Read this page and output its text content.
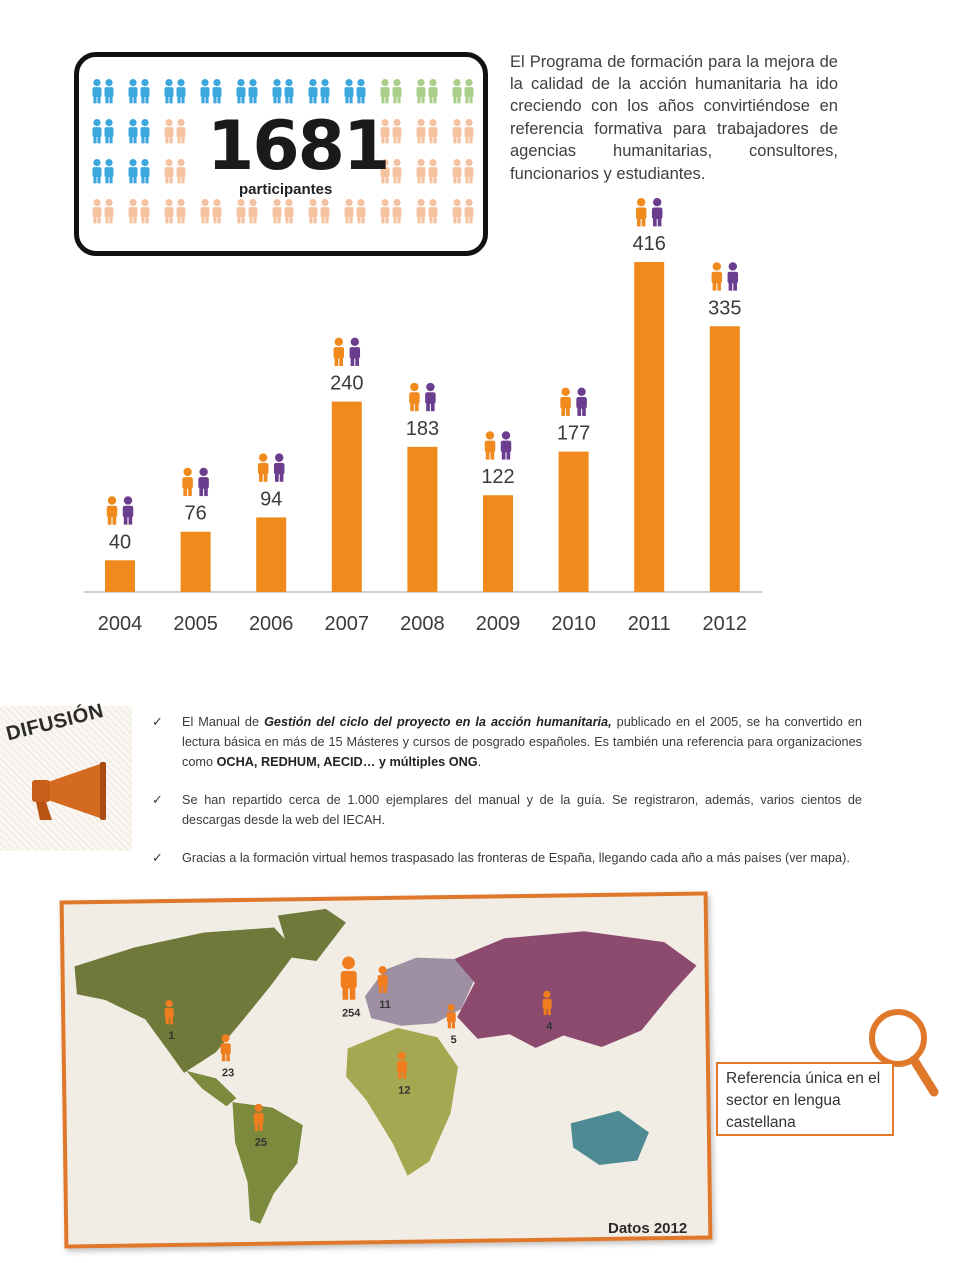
1681
participantes

El Programa de formación para la mejora de la calidad de la acción humanitaria ha ido creciendo con los años convirtiéndose en referencia formativa para trabajadores de agencias humanitarias, consultores, funcionarios y estudiantes.

40
2004
76
2005
94
2006
240
2007
183
2008
122
2009
177
2010
416
2011
335
2012
DIFUSIÓN	✓ El Manual de Gestión del ciclo del proyecto en la acción humanitaria, publicado en el 2005, se ha convertido en lectura básica en más de 15 Másteres y cursos de posgrado españoles. Es también una referencia para organizaciones como OCHA, REDHUM, AECID… y múltiples ONG.
✓ Se han repartido cerca de 1.000 ejemplares del manual y de la guía. Se registraron, además, varios cientos de descargas desde la web del IECAH.
✓ Gracias a la formación virtual hemos traspasado las fronteras de España, llegando cada año a más países (ver mapa).
1
23
25
254
11
12
5
4
Datos 2012
Referencia única en el sector en lengua castellana
